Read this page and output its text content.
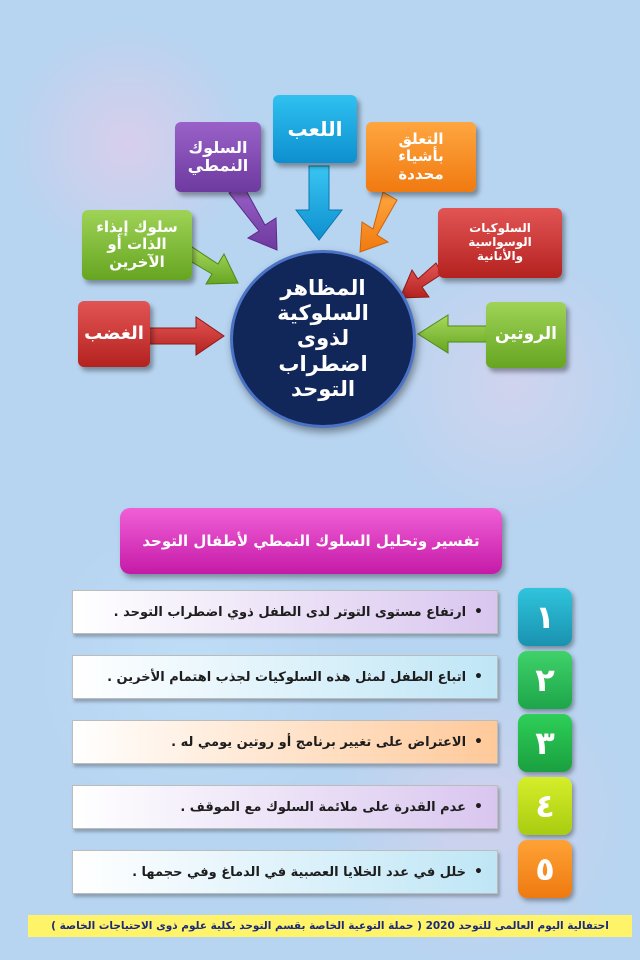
اللعب
السلوك النمطي
التعلق بأشياء محددة
سلوك إيذاء الذات أو الآخرين
السلوكيات الوسواسية والأنانية
الغضب	الروتين
المظاهر السلوكية لذوى اضطراب التوحد
تفسير وتحليل السلوك النمطي لأطفال التوحد
•
ارتفاع مستوى التوتر لدى الطفل ذوي اضطراب التوحد .
•
اتباع الطفل لمثل هذه السلوكيات لجذب اهتمام الأخرين .
•
الاعتراض على تغيير برنامج أو روتين يومي له .
•
عدم القدرة على ملائمة السلوك مع الموقف .
•
خلل في عدد الخلايا العصبية في الدماغ وفي حجمها .
١
٢
٣
٤
٥
احتفالية اليوم العالمى للتوحد 2020 ( حملة التوعية الخاصة بقسم التوحد بكلية علوم ذوى الاحتياجات الخاصة )
